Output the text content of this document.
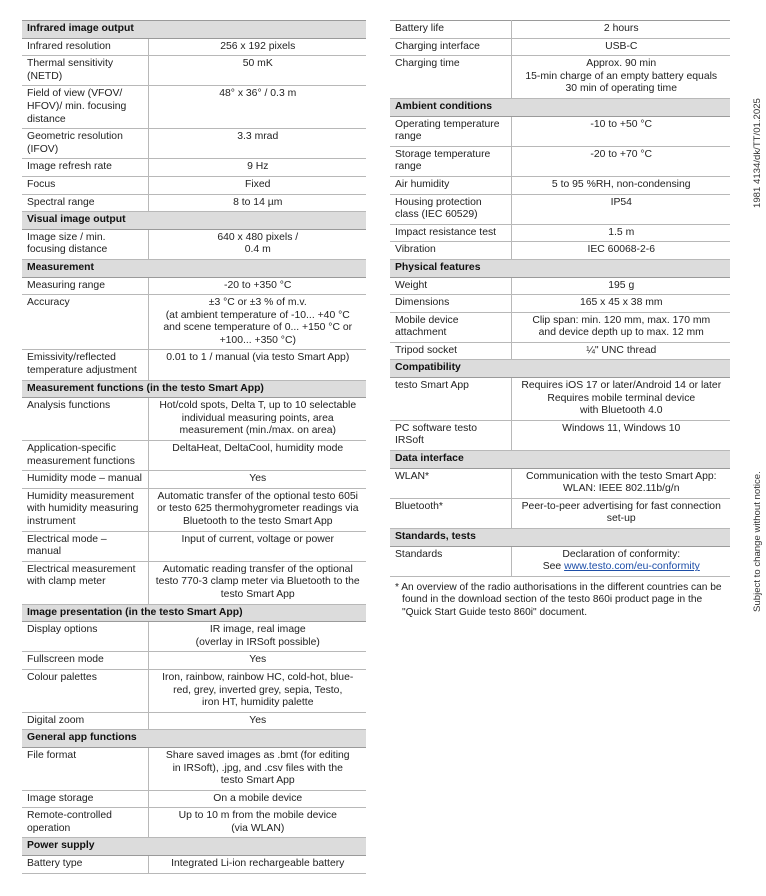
Infrared image output	
Infrared resolution	256 x 192 pixels
Thermal sensitivity (NETD)	50 mK
Field of view (VFOV/ HFOV)/ min. focusing distance	48° x 36° / 0.3 m
Geometric resolution (IFOV)	3.3 mrad
Image refresh rate	9 Hz
Focus	Fixed
Spectral range	8 to 14 µm
Visual image output	
Image size / min. focusing distance	640 x 480 pixels /
0.4 m
Measurement	
Measuring range	-20 to +350 °C
Accuracy	±3 °C or ±3 % of m.v.
(at ambient temperature of -10... +40 °C
and scene temperature of 0... +150 °C or
+100... +350 °C)
Emissivity/reflected temperature adjustment	0.01 to 1 / manual (via testo Smart App)
Measurement functions (in the testo Smart App)	
Analysis functions	Hot/cold spots, Delta T, up to 10 selectable
individual measuring points, area
measurement (min./max. on area)
Application-specific measurement functions	DeltaHeat, DeltaCool, humidity mode
Humidity mode – manual	Yes
Humidity measurement with humidity measuring instrument	Automatic transfer of the optional testo 605i
or testo 625 thermohygrometer readings via
Bluetooth to the testo Smart App
Electrical mode – manual	Input of current, voltage or power
Electrical measurement with clamp meter	Automatic reading transfer of the optional
testo 770-3 clamp meter via Bluetooth to the
testo Smart App
Image presentation (in the testo Smart App)	
Display options	IR image, real image
(overlay in IRSoft possible)
Fullscreen mode	Yes
Colour palettes	Iron, rainbow, rainbow HC, cold-hot, blue-
red, grey, inverted grey, sepia, Testo,
iron HT, humidity palette
Digital zoom	Yes
General app functions	
File format	Share saved images as .bmt (for editing
in IRSoft), .jpg, and .csv files with the
testo Smart App
Image storage	On a mobile device
Remote-controlled operation	Up to 10 m from the mobile device
(via WLAN)
Power supply	
Battery type	Integrated Li-ion rechargeable battery
Battery life	2 hours
Charging interface	USB-C
Charging time	Approx. 90 min
15-min charge of an empty battery equals
30 min of operating time
Ambient conditions	
Operating temperature range	-10 to +50 °C
Storage temperature range	-20 to +70 °C
Air humidity	5 to 95 %RH, non-condensing
Housing protection class (IEC 60529)	IP54
Impact resistance test	1.5 m
Vibration	IEC 60068-2-6
Physical features	
Weight	195 g
Dimensions	165 x 45 x 38 mm
Mobile device attachment	Clip span: min. 120 mm, max. 170 mm
and device depth up to max. 12 mm
Tripod socket	¼" UNC thread
Compatibility	
testo Smart App	Requires iOS 17 or later/Android 14 or later
Requires mobile terminal device
with Bluetooth 4.0
PC software testo IRSoft	Windows 11, Windows 10
Data interface	
WLAN*	Communication with the testo Smart App:
WLAN: IEEE 802.11b/g/n
Bluetooth*	Peer-to-peer advertising for fast connection
set-up
Standards, tests	
Standards	Declaration of conformity:
See www.testo.com/eu-conformity
* An overview of the radio authorisations in the different countries can be found in the download section of the testo 860i product page in the "Quick Start Guide testo 860i" document.
1981 4134/dk/TT/01.2025
Subject to change without notice.
